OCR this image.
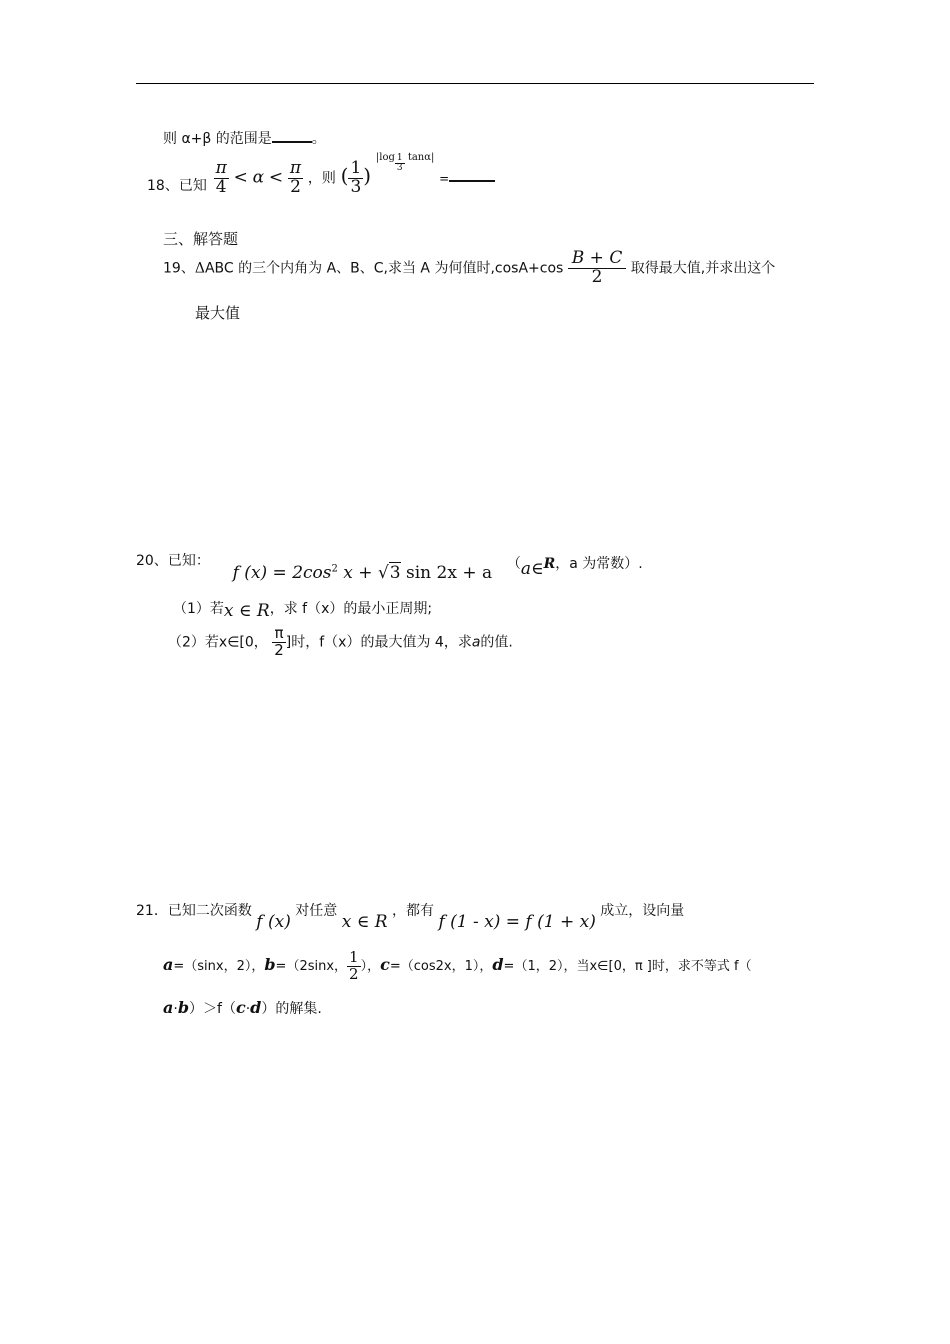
则 α+β 的范围是	。
18、已知 $\frac{\pi}{4} < \alpha < \frac{\pi}{2}$ ，则 ( $\frac{1}{3}$ ) $^{|log \frac{1}{3} tan\alpha|}$ =
三、解答题
19、ΔABC 的三个内角为 A、B、C,求当 A 为何值时$,\cos A+\cos \frac{B + C}{2}$ 取得最大值,并求出这个
最大值
20、已知： f $(x) = 2\cos^2$ x + √3 sin 2x + a （a∈R，a 为常数）.
（1）若x ∈ R，求 f（x）的最小正周期;
（2）若x∈[0， $\frac{\pi}{2}$ ]时，f（x）的最大值为 4，求a的值.
21．已知二次函数 f (x) 对任意 x ∈ R ，都有 f (1 - x) = f (1 + x) 成立，设向量
a=（sinx，2），b=（2sinx， $\frac{1}{2}$ ），c=（cos2x，1），d=（1，2），当x∈[0，π ]时，求不等式 f（
a·b）＞f（c·d）的解集.
